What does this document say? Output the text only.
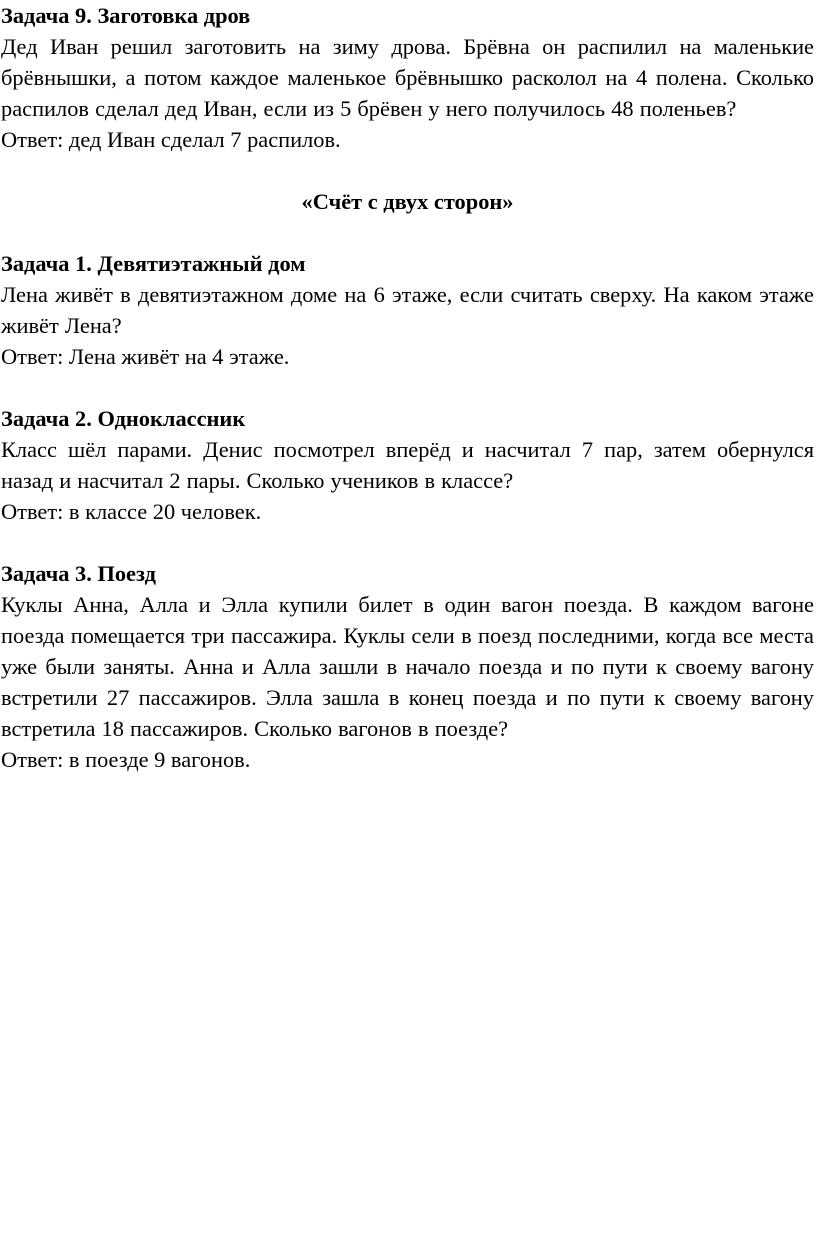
Задача 9. Заготовка дров

Дед Иван решил заготовить на зиму дрова. Брёвна он распилил на маленькие брёвнышки, а потом каждое маленькое брёвнышко расколол на 4 полена. Сколько распилов сделал дед Иван, если из 5 брёвен у него получилось 48 поленьев?

Ответ: дед Иван сделал 7 распилов.

«Счёт с двух сторон»

Задача 1. Девятиэтажный дом

Лена живёт в девятиэтажном доме на 6 этаже, если считать сверху. На каком этаже живёт Лена?

Ответ: Лена живёт на 4 этаже.

Задача 2. Одноклассник

Класс шёл парами. Денис посмотрел вперёд и насчитал 7 пар, затем обернулся назад и насчитал 2 пары. Сколько учеников в классе?

Ответ: в классе 20 человек.

Задача 3. Поезд

Куклы Анна, Алла и Элла купили билет в один вагон поезда. В каждом вагоне поезда помещается три пассажира. Куклы сели в поезд последними, когда все места уже были заняты. Анна и Алла зашли в начало поезда и по пути к своему вагону встретили 27 пассажиров. Элла зашла в конец поезда и по пути к своему вагону встретила 18 пассажиров. Сколько вагонов в поезде?

Ответ: в поезде 9 вагонов.
